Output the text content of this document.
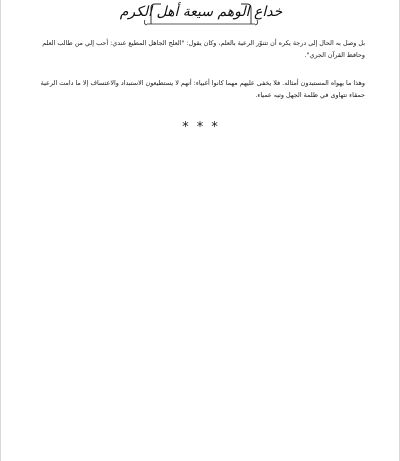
خداع الوهم سيعة أهل الكرم

بل وصل به الحال إلى درجة يكره أن تتنوّر الرعية بالعلم، وكان يقول: "العلج الجاهل المطيع عندي: أحب إلي من طالب العلم وحافظ القرآن الجري".

وهذا ما يهواه المستبدون أمثاله. فلا يخفى عليهم مهما كانوا أغبياء: أنهم لا يستطيعون الاستبداد والاعتساف إلا ما دامت الرعية حمقاء تتهاوى في ظلمة الجهل وتيه عمياء.

* * *
